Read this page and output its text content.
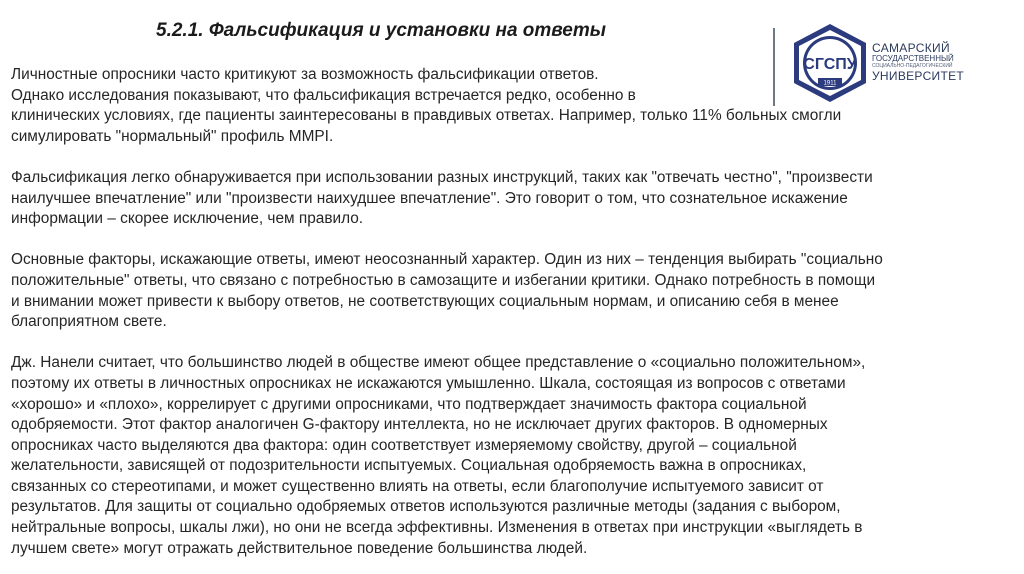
5.2.1. Фальсификация и установки на ответы
СГСПУ
1911
САМАРСКИЙ
ГОСУДАРСТВЕННЫЙ
СОЦИАЛЬНО-ПЕДАГОГИЧЕСКИЙ
УНИВЕРСИТЕТ
Личностные опросники часто критикуют за возможность фальсификации ответов.
Однако исследования показывают, что фальсификация встречается редко, особенно в
клинических условиях, где пациенты заинтересованы в правдивых ответах. Например, только 11% больных смогли
симулировать "нормальный" профиль MMPI.
Фальсификация легко обнаруживается при использовании разных инструкций, таких как "отвечать честно", "произвести
наилучшее впечатление" или "произвести наихудшее впечатление". Это говорит о том, что сознательное искажение
информации – скорее исключение, чем правило.
Основные факторы, искажающие ответы, имеют неосознанный характер. Один из них – тенденция выбирать "социально
положительные" ответы, что связано с потребностью в самозащите и избегании критики. Однако потребность в помощи
и внимании может привести к выбору ответов, не соответствующих социальным нормам, и описанию себя в менее
благоприятном свете.
Дж. Нанели считает, что большинство людей в обществе имеют общее представление о «социально положительном»,
поэтому их ответы в личностных опросниках не искажаются умышленно. Шкала, состоящая из вопросов с ответами
«хорошо» и «плохо», коррелирует с другими опросниками, что подтверждает значимость фактора социальной
одобряемости. Этот фактор аналогичен G-фактору интеллекта, но не исключает других факторов. В одномерных
опросниках часто выделяются два фактора: один соответствует измеряемому свойству, другой – социальной
желательности, зависящей от подозрительности испытуемых. Социальная одобряемость важна в опросниках,
связанных со стереотипами, и может существенно влиять на ответы, если благополучие испытуемого зависит от
результатов. Для защиты от социально одобряемых ответов используются различные методы (задания с выбором,
нейтральные вопросы, шкалы лжи), но они не всегда эффективны. Изменения в ответах при инструкции «выглядеть в
лучшем свете» могут отражать действительное поведение большинства людей.
